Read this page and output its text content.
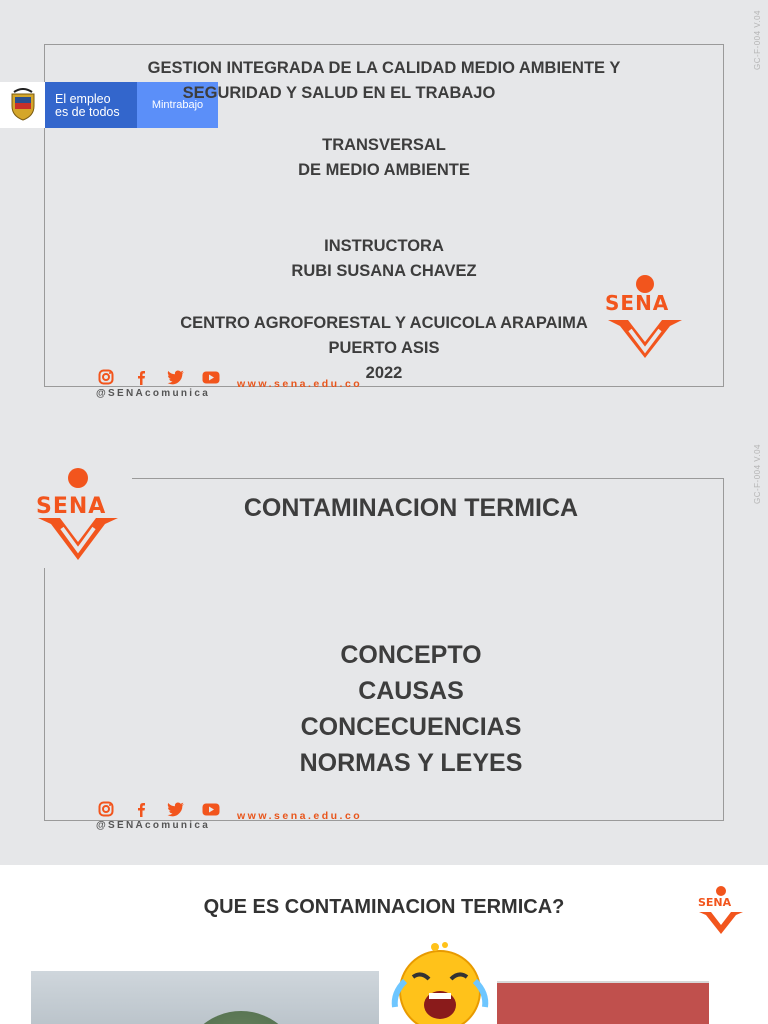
GC-F-004 V.04
El empleo
es de todos	Mintrabajo
GESTION INTEGRADA DE LA CALIDAD MEDIO AMBIENTE Y
SEGURIDAD Y SALUD EN EL TRABAJO
TRANSVERSAL
DE MEDIO AMBIENTE
INSTRUCTORA
RUBI SUSANA CHAVEZ
CENTRO AGROFORESTAL Y ACUICOLA ARAPAIMA
PUERTO ASIS
2022
SENA
@SENAcomunica
www.sena.edu.co
GC-F-004 V.04
SENA	CONTAMINACION TERMICA
CONCEPTO
CAUSAS
CONCECUENCIAS
NORMAS Y LEYES
@SENAcomunica
www.sena.edu.co
QUE ES CONTAMINACION TERMICA?	SENA
